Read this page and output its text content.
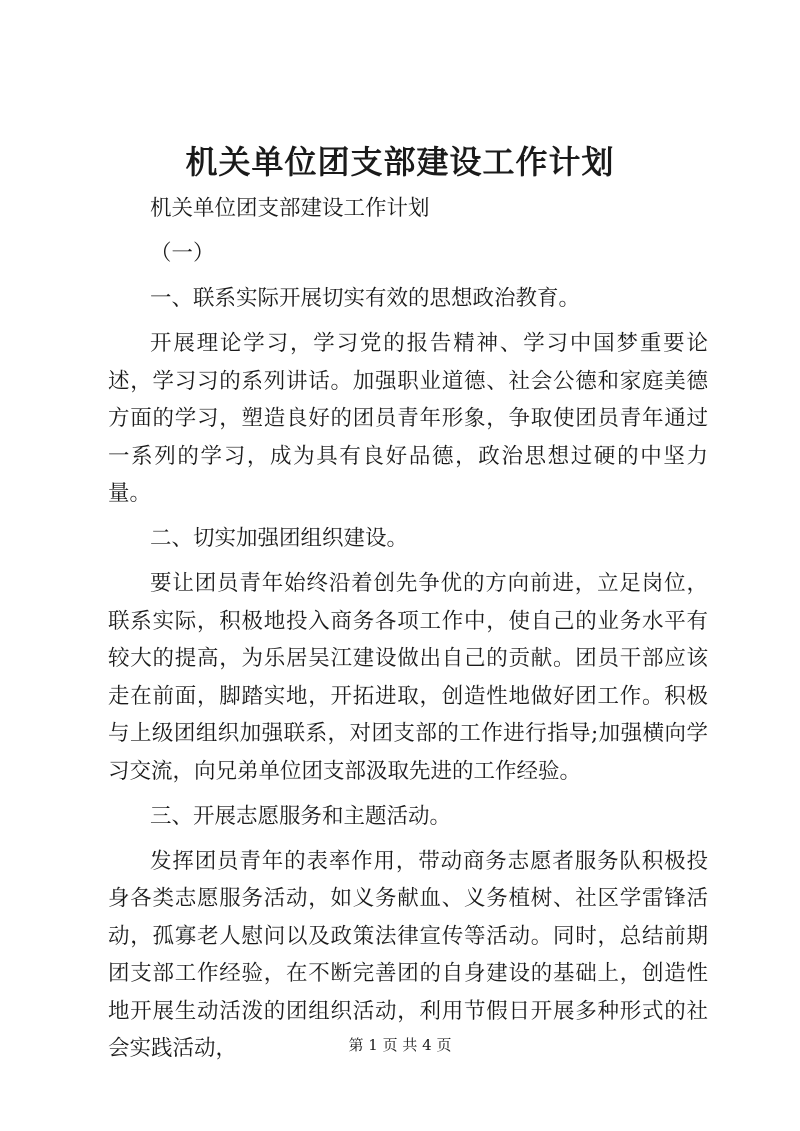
机关单位团支部建设工作计划

机关单位团支部建设工作计划

（一）

一、联系实际开展切实有效的思想政治教育。

开展理论学习，学习党的报告精神、学习中国梦重要论述，学习习的系列讲话。加强职业道德、社会公德和家庭美德方面的学习，塑造良好的团员青年形象，争取使团员青年通过一系列的学习，成为具有良好品德，政治思想过硬的中坚力量。

二、切实加强团组织建设。

要让团员青年始终沿着创先争优的方向前进，立足岗位，联系实际，积极地投入商务各项工作中，使自己的业务水平有较大的提高，为乐居吴江建设做出自己的贡献。团员干部应该走在前面，脚踏实地，开拓进取，创造性地做好团工作。积极与上级团组织加强联系，对团支部的工作进行指导;加强横向学习交流，向兄弟单位团支部汲取先进的工作经验。

三、开展志愿服务和主题活动。

发挥团员青年的表率作用，带动商务志愿者服务队积极投身各类志愿服务活动，如义务献血、义务植树、社区学雷锋活动，孤寡老人慰问以及政策法律宣传等活动。同时，总结前期团支部工作经验，在不断完善团的自身建设的基础上，创造性地开展生动活泼的团组织活动，利用节假日开展多种形式的社会实践活动，	第 1 页 共 4 页
